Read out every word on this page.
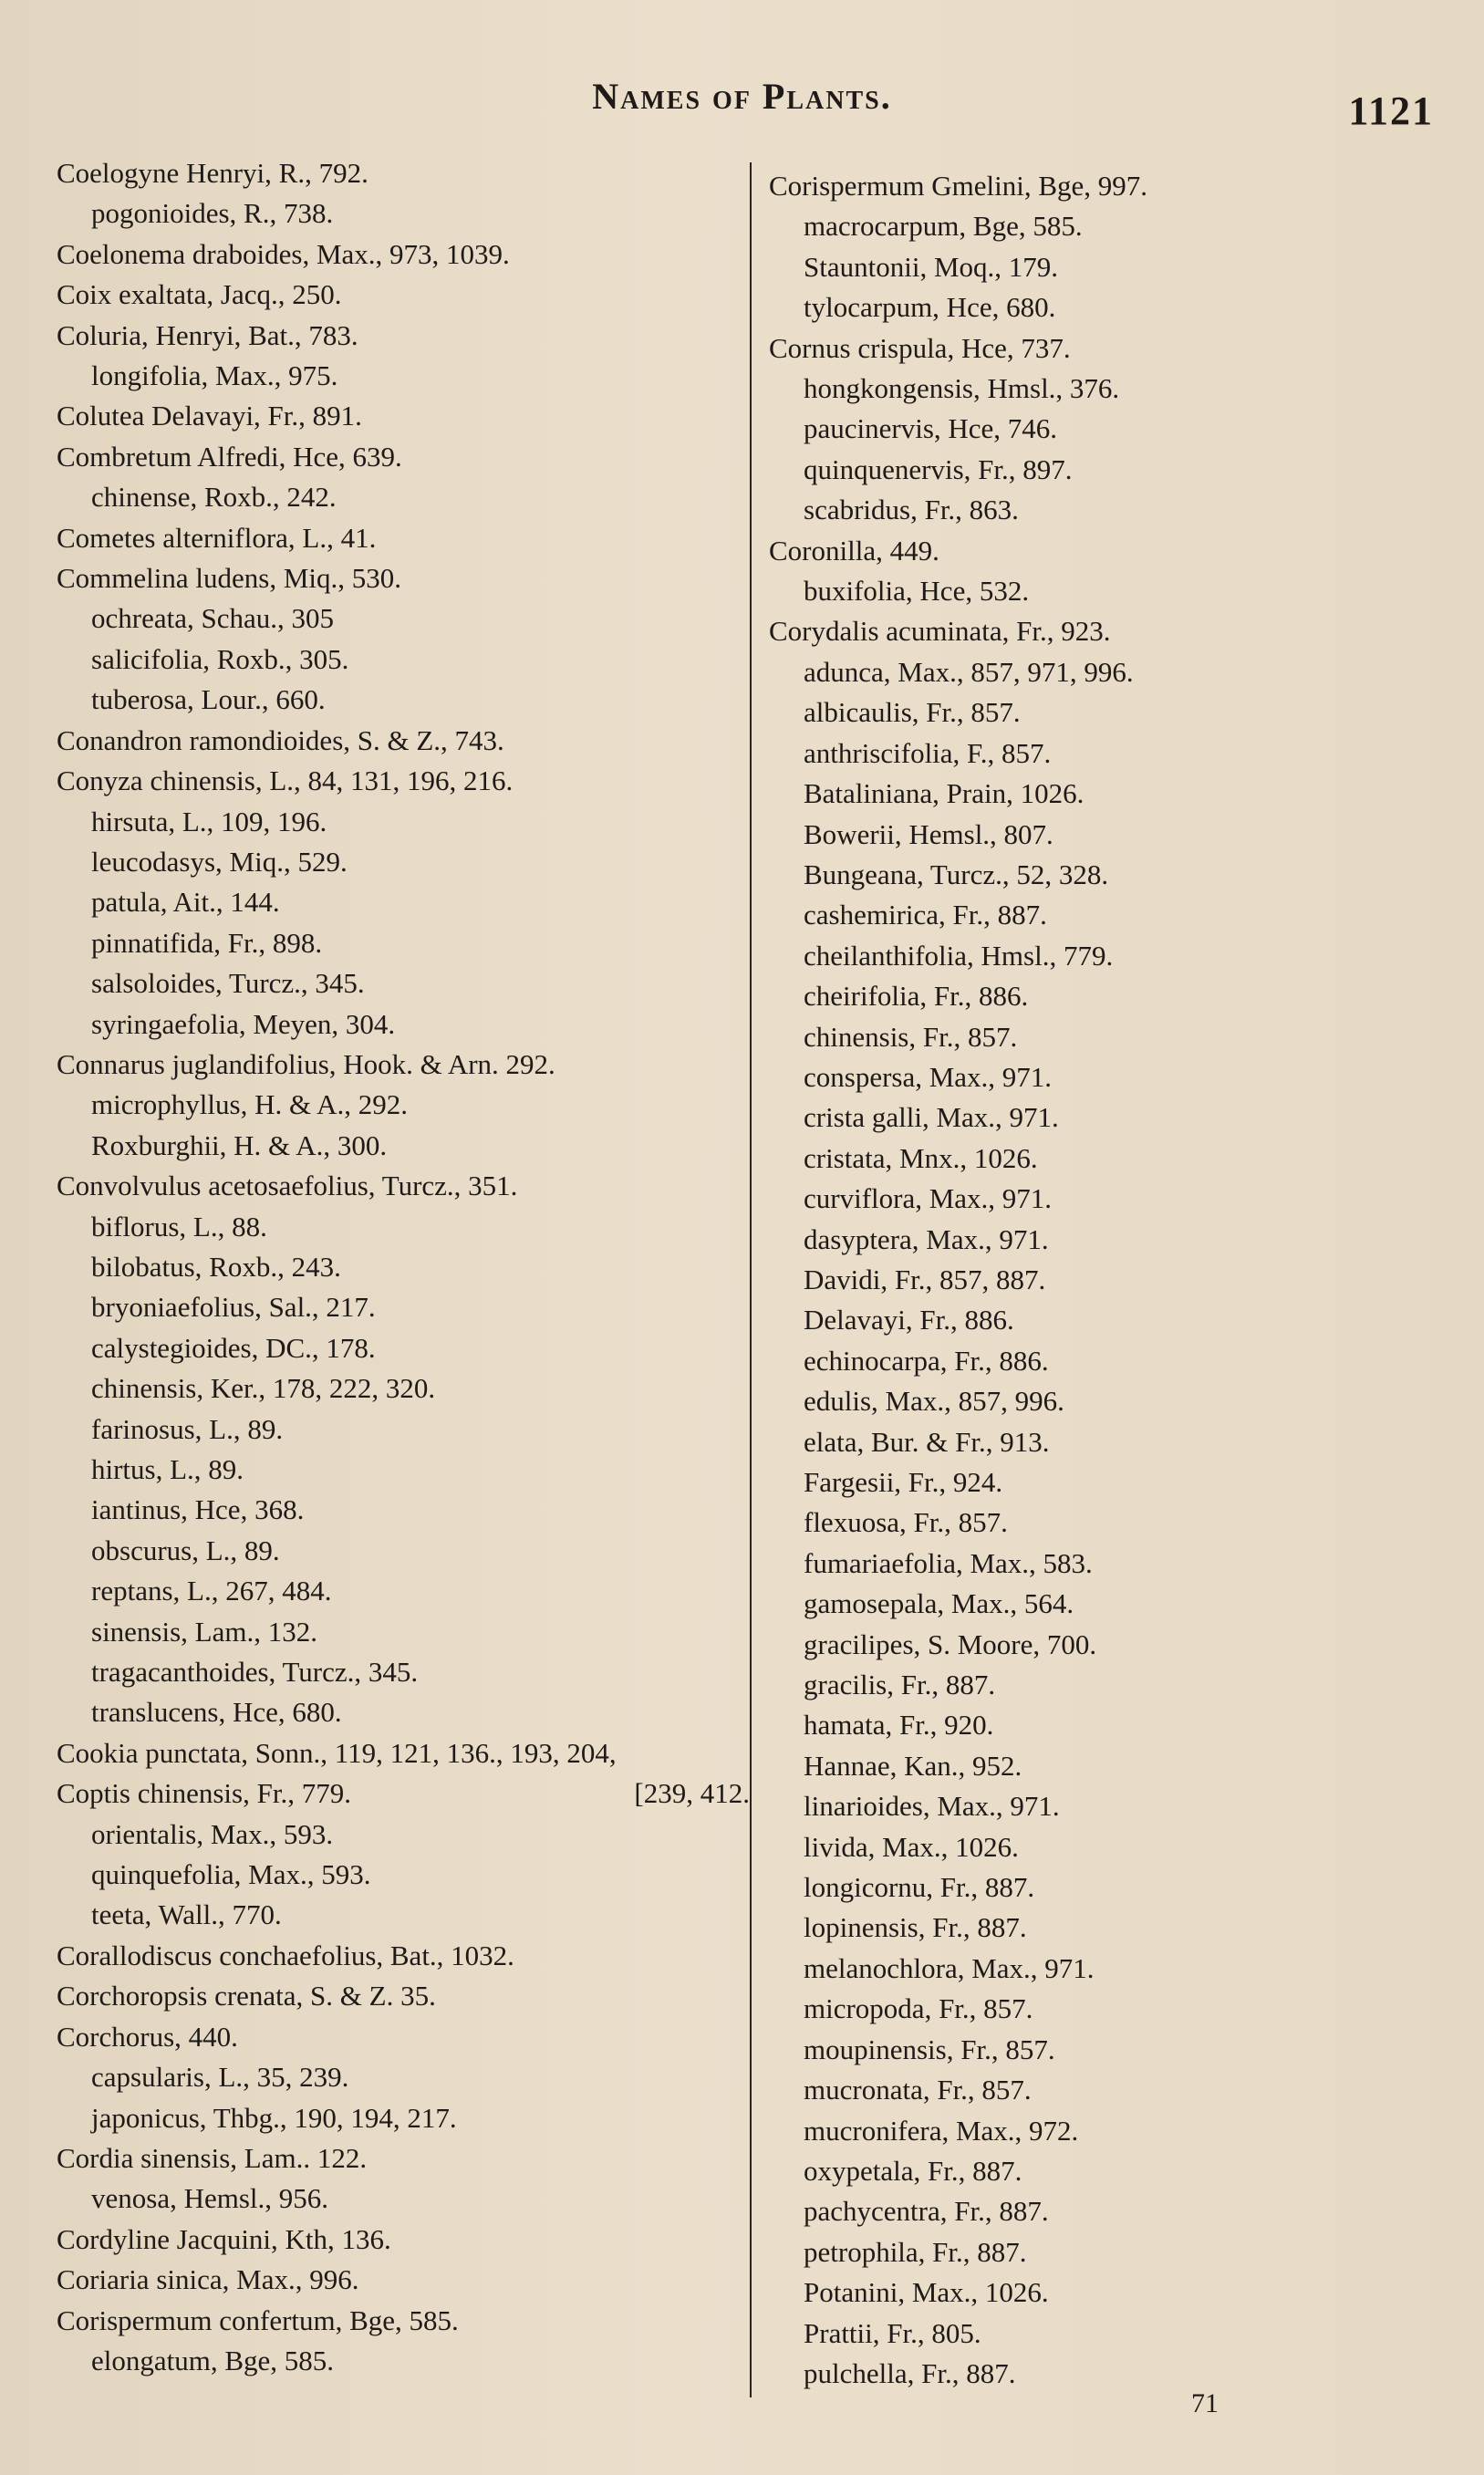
Names of Plants.	1121
Coelogyne Henryi, R., 792.
pogonioides, R., 738.
Coelonema draboides, Max., 973, 1039.
Coix exaltata, Jacq., 250.
Coluria, Henryi, Bat., 783.
longifolia, Max., 975.
Colutea Delavayi, Fr., 891.
Combretum Alfredi, Hce, 639.
chinense, Roxb., 242.
Cometes alterniflora, L., 41.
Commelina ludens, Miq., 530.
ochreata, Schau., 305
salicifolia, Roxb., 305.
tuberosa, Lour., 660.
Conandron ramondioides, S. & Z., 743.
Conyza chinensis, L., 84, 131, 196, 216.
hirsuta, L., 109, 196.
leucodasys, Miq., 529.
patula, Ait., 144.
pinnatifida, Fr., 898.
salsoloides, Turcz., 345.
syringaefolia, Meyen, 304.
Connarus juglandifolius, Hook. & Arn. 292.
microphyllus, H. & A., 292.
Roxburghii, H. & A., 300.
Convolvulus acetosaefolius, Turcz., 351.
biflorus, L., 88.
bilobatus, Roxb., 243.
bryoniaefolius, Sal., 217.
calystegioides, DC., 178.
chinensis, Ker., 178, 222, 320.
farinosus, L., 89.
hirtus, L., 89.
iantinus, Hce, 368.
obscurus, L., 89.
reptans, L., 267, 484.
sinensis, Lam., 132.
tragacanthoides, Turcz., 345.
translucens, Hce, 680.
Cookia punctata, Sonn., 119, 121, 136., 193, 204,
Coptis chinensis, Fr., 779.	[239, 412.
orientalis, Max., 593.
quinquefolia, Max., 593.
teeta, Wall., 770.
Corallodiscus conchaefolius, Bat., 1032.
Corchoropsis crenata, S. & Z. 35.
Corchorus, 440.
capsularis, L., 35, 239.
japonicus, Thbg., 190, 194, 217.
Cordia sinensis, Lam.. 122.
venosa, Hemsl., 956.
Cordyline Jacquini, Kth, 136.
Coriaria sinica, Max., 996.
Corispermum confertum, Bge, 585.
elongatum, Bge, 585.
Corispermum Gmelini, Bge, 997.
macrocarpum, Bge, 585.
Stauntonii, Moq., 179.
tylocarpum, Hce, 680.
Cornus crispula, Hce, 737.
hongkongensis, Hmsl., 376.
paucinervis, Hce, 746.
quinquenervis, Fr., 897.
scabridus, Fr., 863.
Coronilla, 449.
buxifolia, Hce, 532.
Corydalis acuminata, Fr., 923.
adunca, Max., 857, 971, 996.
albicaulis, Fr., 857.
anthriscifolia, F., 857.
Bataliniana, Prain, 1026.
Bowerii, Hemsl., 807.
Bungeana, Turcz., 52, 328.
cashemirica, Fr., 887.
cheilanthifolia, Hmsl., 779.
cheirifolia, Fr., 886.
chinensis, Fr., 857.
conspersa, Max., 971.
crista galli, Max., 971.
cristata, Mnx., 1026.
curviflora, Max., 971.
dasyptera, Max., 971.
Davidi, Fr., 857, 887.
Delavayi, Fr., 886.
echinocarpa, Fr., 886.
edulis, Max., 857, 996.
elata, Bur. & Fr., 913.
Fargesii, Fr., 924.
flexuosa, Fr., 857.
fumariaefolia, Max., 583.
gamosepala, Max., 564.
gracilipes, S. Moore, 700.
gracilis, Fr., 887.
hamata, Fr., 920.
Hannae, Kan., 952.
linarioides, Max., 971.
livida, Max., 1026.
longicornu, Fr., 887.
lopinensis, Fr., 887.
melanochlora, Max., 971.
micropoda, Fr., 857.
moupinensis, Fr., 857.
mucronata, Fr., 857.
mucronifera, Max., 972.
oxypetala, Fr., 887.
pachycentra, Fr., 887.
petrophila, Fr., 887.
Potanini, Max., 1026.
Prattii, Fr., 805.
pulchella, Fr., 887.
71
